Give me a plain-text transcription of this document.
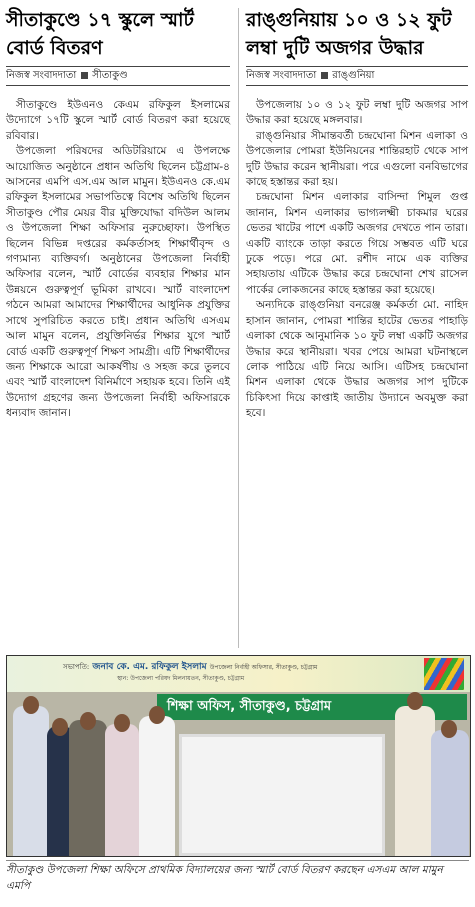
সীতাকুণ্ডে ১৭ স্কুলে স্মার্ট বোর্ড বিতরণ
নিজস্ব সংবাদদাতা সীতাকুণ্ড

সীতাকুণ্ডে ইউএনও কেএম রফিকুল ইসলামের উদ্যোগে ১৭টি স্কুলে স্মার্ট বোর্ড বিতরণ করা হয়েছে রবিবার।

উপজেলা পরিষদের অডিটরিয়ামে এ উপলক্ষে আয়োজিত অনুষ্ঠানে প্রধান অতিথি ছিলেন চট্টগ্রাম-৪ আসনের এমপি এস.এম আল মামুন। ইউএনও কে.এম রফিকুল ইসলামের সভাপতিত্বে বিশেষ অতিথি ছিলেন সীতাকুণ্ড পৌর মেয়র বীর মুক্তিযোদ্ধা বদিউল আলম ও উপজেলা শিক্ষা অফিসার নুরুচ্ছোফা। উপস্থিত ছিলেন বিভিন্ন দপ্তরের কর্মকর্তাসহ শিক্ষার্থীবৃন্দ ও গণ্যমান্য ব্যক্তিবর্গ। অনুষ্ঠানের উপজেলা নির্বাহী অফিসার বলেন, স্মার্ট বোর্ডের ব্যবহার শিক্ষার মান উন্নয়নে গুরুত্বপূর্ণ ভূমিকা রাখবে। স্মার্ট বাংলাদেশ গঠনে আমরা আমাদের শিক্ষার্থীদের আধুনিক প্রযুক্তির সাথে সুপরিচিত করতে চাই। প্রধান অতিথি এসএম আল মামুন বলেন, প্রযুক্তিনির্ভর শিক্ষার যুগে স্মার্ট বোর্ড একটি গুরুত্বপূর্ণ শিক্ষণ সামগ্রী। এটি শিক্ষার্থীদের জন্য শিক্ষাকে আরো আকর্ষণীয় ও সহজ করে তুলবে এবং স্মার্ট বাংলাদেশ বিনির্মাণে সহায়ক হবে। তিনি এই উদ্যোগ গ্রহণের জন্য উপজেলা নির্বাহী অফিসারকে ধন্যবাদ জানান।

রাঙ্গুনিয়ায় ১০ ও ১২ ফুট লম্বা দুটি অজগর উদ্ধার
নিজস্ব সংবাদদাতা রাঙ্গুনিয়া

উপজেলায় ১০ ও ১২ ফুট লম্বা দুটি অজগর সাপ উদ্ধার করা হয়েছে মঙ্গলবার।

রাঙ্গুনিয়ার সীমান্তবর্তী চন্দ্রঘোনা মিশন এলাকা ও উপজেলার পোমরা ইউনিয়নের শান্তিরহাট থেকে সাপ দুটি উদ্ধার করেন স্থানীয়রা। পরে এগুলো বনবিভাগের কাছে হস্তান্তর করা হয়।

চন্দ্রঘোনা মিশন এলাকার বাসিন্দা শিমুল গুপ্ত জানান, মিশন এলাকার ভাগ্যলক্ষ্মী চাকমার ঘরের ভেতর খাটের পাশে একটি অজগর দেখতে পান তারা। একটি ব্যাংকে তাড়া করতে গিয়ে সম্ভবত এটি ঘরে ঢুকে পড়ে। পরে মো. রশীদ নামে এক ব্যক্তির সহায়তায় এটিকে উদ্ধার করে চন্দ্রঘোনা শেখ রাসেল পার্কের লোকজনের কাছে হস্তান্তর করা হয়েছে।

অন্যদিকে রাঙ্গুনিয়া বনরেঞ্জ কর্মকর্তা মো. নাহিদ হাসান জানান, পোমরা শান্তির হাটের ভেতর পাহাড়ি এলাকা থেকে আনুমানিক ১০ ফুট লম্বা একটি অজগর উদ্ধার করে স্থানীয়রা। খবর পেয়ে আমরা ঘটনাস্থলে লোক পাঠিয়ে এটি নিয়ে আসি। এটিসহ চন্দ্রঘোনা মিশন এলাকা থেকে উদ্ধার অজগর সাপ দুটিকে চিকিৎসা দিয়ে কাপ্তাই জাতীয় উদ্যানে অবমুক্ত করা হবে।

সভাপতি: জনাব কে. এম. রফিকুল ইসলাম উপজেলা নির্বাহী অফিসার, সীতাকুণ্ড, চট্টগ্রাম
স্থান: উপজেলা পরিষদ মিলনায়তন, সীতাকুণ্ড, চট্টগ্রাম
শিক্ষা অফিস, সীতাকুণ্ড, চট্টগ্রাম
সীতাকুণ্ড উপজেলা শিক্ষা অফিসে প্রাথমিক বিদ্যালয়ের জন্য স্মার্ট বোর্ড বিতরণ করছেন এসএম আল মামুন এমপি
